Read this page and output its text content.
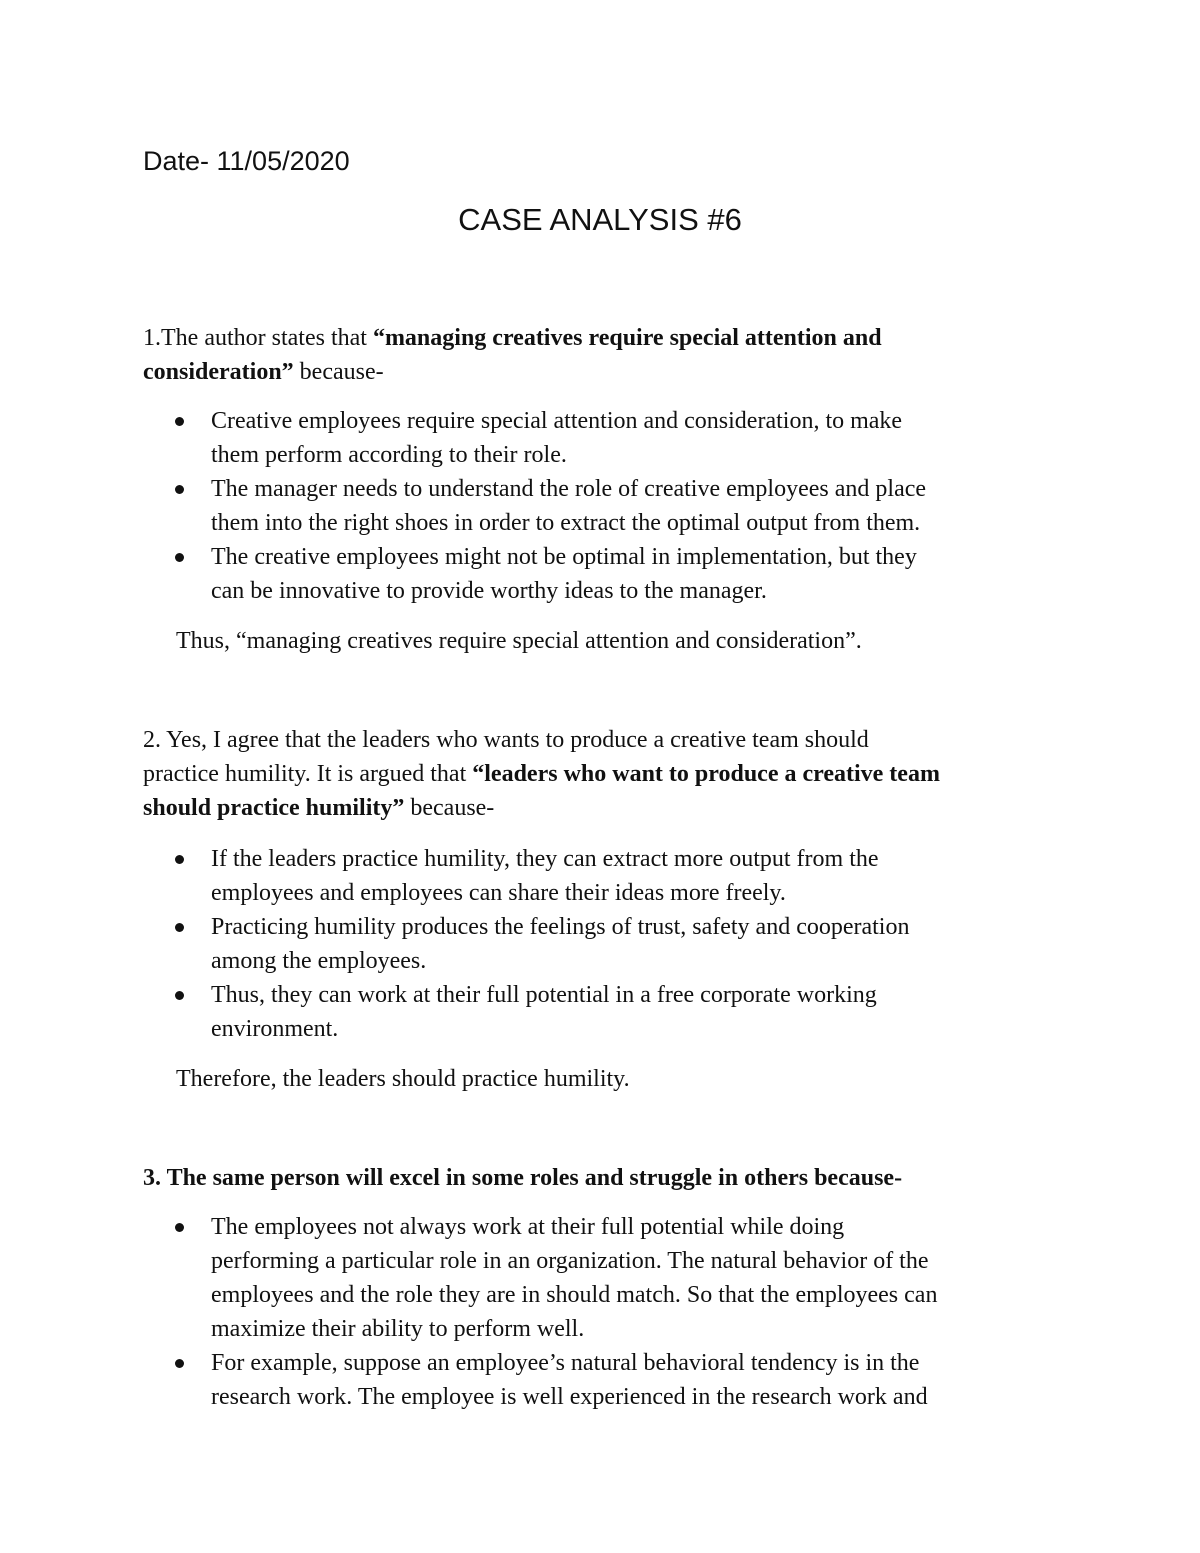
Date- 11/05/2020
CASE ANALYSIS #6
1.The author states that “managing creatives require special attention and
consideration” because-
Creative employees require special attention and consideration, to make
them perform according to their role.
The manager needs to understand the role of creative employees and place
them into the right shoes in order to extract the optimal output from them.
The creative employees might not be optimal in implementation, but they
can be innovative to provide worthy ideas to the manager.

Thus, “managing creatives require special attention and consideration”.

2. Yes, I agree that the leaders who wants to produce a creative team should
practice humility. It is argued that “leaders who want to produce a creative team
should practice humility” because-
If the leaders practice humility, they can extract more output from the
employees and employees can share their ideas more freely.
Practicing humility produces the feelings of trust, safety and cooperation
among the employees.
Thus, they can work at their full potential in a free corporate working
environment.

Therefore, the leaders should practice humility.

3. The same person will excel in some roles and struggle in others because-

The employees not always work at their full potential while doing
performing a particular role in an organization. The natural behavior of the
employees and the role they are in should match. So that the employees can
maximize their ability to perform well.
For example, suppose an employee’s natural behavioral tendency is in the
research work. The employee is well experienced in the research work and
